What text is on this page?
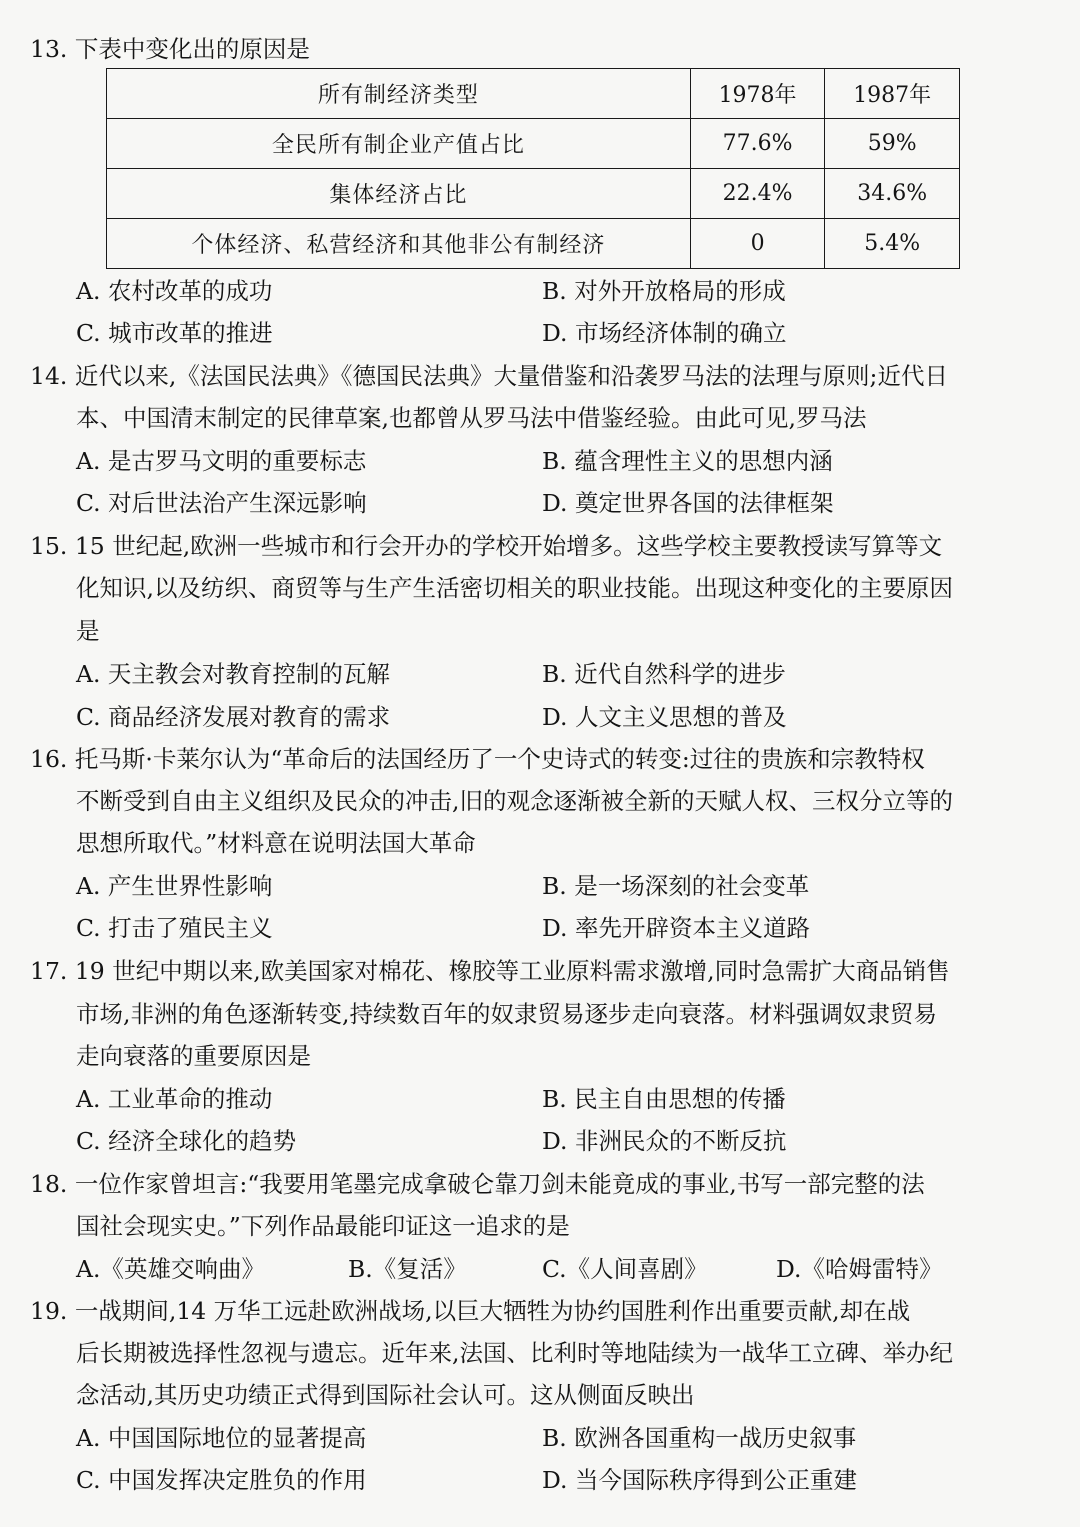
13. 下表中变化出的原因是
所有制经济类型	1978年	1987年
全民所有制企业产值占比	77.6%	59%
集体经济占比	22.4%	34.6%
个体经济、私营经济和其他非公有制经济	0	5.4%
A. 农村改革的成功	B. 对外开放格局的形成
C. 城市改革的推进	D. 市场经济体制的确立
14. 近代以来,《法国民法典》《德国民法典》大量借鉴和沿袭罗马法的法理与原则;近代日
本、中国清末制定的民律草案,也都曾从罗马法中借鉴经验。由此可见,罗马法
A. 是古罗马文明的重要标志	B. 蕴含理性主义的思想内涵
C. 对后世法治产生深远影响	D. 奠定世界各国的法律框架
15. 15 世纪起,欧洲一些城市和行会开办的学校开始增多。这些学校主要教授读写算等文
化知识,以及纺织、商贸等与生产生活密切相关的职业技能。出现这种变化的主要原因
是
A. 天主教会对教育控制的瓦解	B. 近代自然科学的进步
C. 商品经济发展对教育的需求	D. 人文主义思想的普及
16. 托马斯·卡莱尔认为“革命后的法国经历了一个史诗式的转变:过往的贵族和宗教特权
不断受到自由主义组织及民众的冲击,旧的观念逐渐被全新的天赋人权、三权分立等的
思想所取代。”材料意在说明法国大革命
A. 产生世界性影响	B. 是一场深刻的社会变革
C. 打击了殖民主义	D. 率先开辟资本主义道路
17. 19 世纪中期以来,欧美国家对棉花、橡胶等工业原料需求激增,同时急需扩大商品销售
市场,非洲的角色逐渐转变,持续数百年的奴隶贸易逐步走向衰落。材料强调奴隶贸易
走向衰落的重要原因是
A. 工业革命的推动	B. 民主自由思想的传播
C. 经济全球化的趋势	D. 非洲民众的不断反抗
18. 一位作家曾坦言:“我要用笔墨完成拿破仑靠刀剑未能竟成的事业,书写一部完整的法
国社会现实史。”下列作品最能印证这一追求的是
A.《英雄交响曲》	B.《复活》	C.《人间喜剧》	D.《哈姆雷特》
19. 一战期间,14 万华工远赴欧洲战场,以巨大牺牲为协约国胜利作出重要贡献,却在战
后长期被选择性忽视与遗忘。近年来,法国、比利时等地陆续为一战华工立碑、举办纪
念活动,其历史功绩正式得到国际社会认可。这从侧面反映出
A. 中国国际地位的显著提高	B. 欧洲各国重构一战历史叙事
C. 中国发挥决定胜负的作用	D. 当今国际秩序得到公正重建
